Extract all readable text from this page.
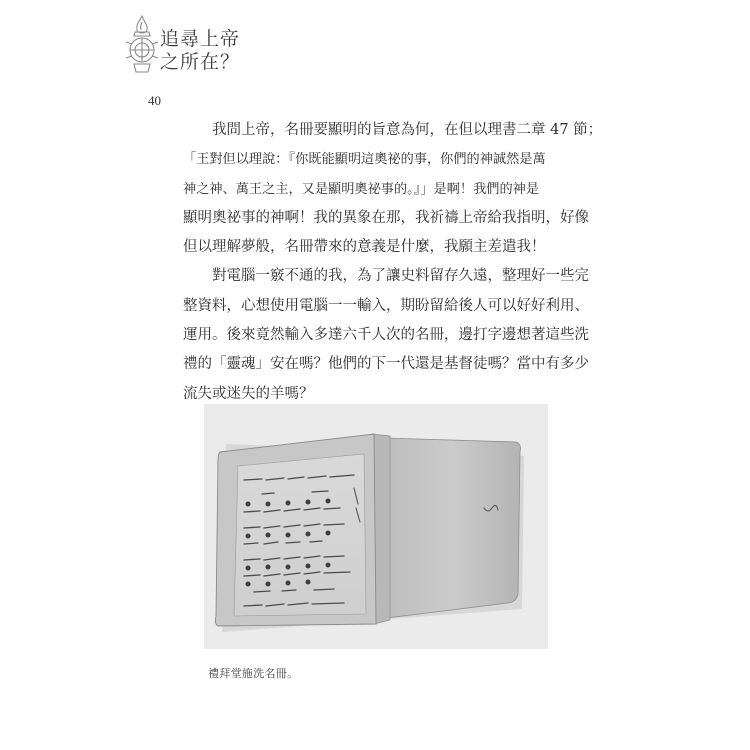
追尋上帝
之所在？
40

　　我問上帝，名冊要顯明的旨意為何，在但以理書二章 47 節；

「王對但以理說：『你既能顯明這奧祕的事，你們的神誠然是萬

神之神、萬王之主，又是顯明奧祕事的。』」是啊！我們的神是

顯明奧祕事的神啊！我的異象在那，我祈禱上帝給我指明，好像

但以理解夢般，名冊帶來的意義是什麼，我願主差遣我！

　　對電腦一竅不通的我，為了讓史料留存久遠，整理好一些完

整資料，心想使用電腦一一輸入，期盼留給後人可以好好利用、

運用。後來竟然輸入多達六千人次的名冊，邊打字邊想著這些洗

禮的「靈魂」安在嗎？他們的下一代還是基督徒嗎？當中有多少

流失或迷失的羊嗎？

禮拜堂施洗名冊。
